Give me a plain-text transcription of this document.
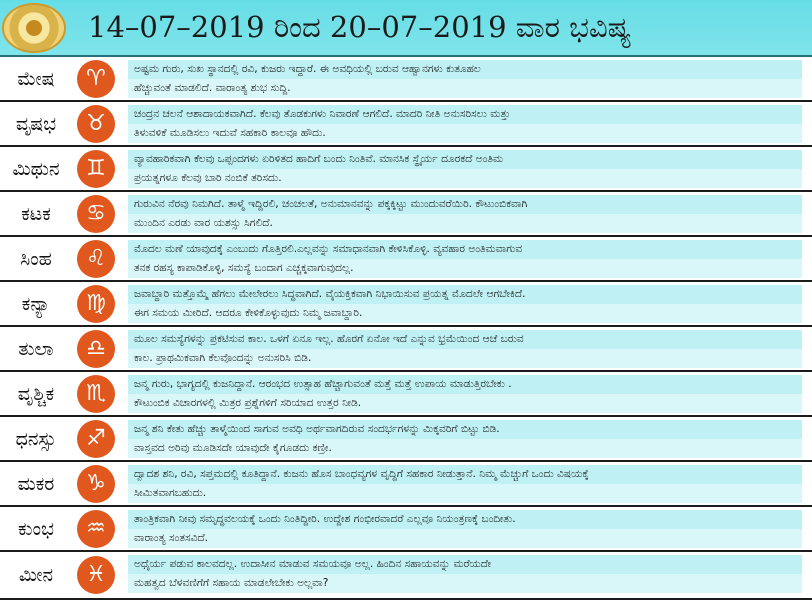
14–07–2019 ರಿಂದ 20–07–2019 ವಾರ ಭವಿಷ್ಯ
ಮೇಷ	♈	ಅಷ್ಟಮ ಗುರು, ಸುಖ ಸ್ಥಾನದಲ್ಲಿ ರವಿ, ಕುಜರು ಇದ್ದಾರೆ. ಈ ಅವಧಿಯಲ್ಲಿ ಬರುವ ಆಹ್ವಾನಗಳು ಕುತೂಹಲ
ಹೆಚ್ಚುವಂತೆ ಮಾಡಲಿದೆ. ವಾರಾಂತ್ಯ ಶುಭ ಸುದ್ದಿ.
ವೃಷಭ	♉	ಚಂದ್ರನ ಚಲನೆ ಆಶಾದಾಯಕವಾಗಿದೆ. ಕೆಲವು ತೊಡಕುಗಳು ನಿವಾರಣೆ ಆಗಲಿದೆ. ಮಾದರಿ ನೀತಿ ಅನುಸರಿಸಲು ಮತ್ತು
ತಿಳುವಳಿಕೆ ಮೂಡಿಸಲು ಇದುವೆ ಸಹಕಾರಿ ಕಾಲವೂ ಹೌದು.
ಮಿಥುನ	♊	ವ್ಯಾವಹಾರಿಕವಾಗಿ ಕೆಲವು ಒಪ್ಪಂದಗಳು ಏರಿಳಿತದ ಹಾದಿಗೆ ಬಂದು ನಿಂತಿವೆ. ಮಾನಸಿಕ ಸ್ಥೈರ್ಯ ದೂರಕದೆ ಅಂತಿಮ
ಪ್ರಯತ್ನಗಳೂ ಕೆಲವು ಬಾರಿ ನಂಬಿಕೆ ತರಿಸದು.
ಕಟಕ	♋	ಗುರುವಿನ ನೆರವು ನಿಮಗಿದೆ. ತಾಳ್ಮೆ ಇದ್ದಿರಲಿ, ಚಂಚಲತೆ, ಅನುಮಾನವನ್ನು ಪಕ್ಕಕ್ಕಿಟ್ಟು ಮುಂದುವರೆಯಿರಿ. ಕೌಟುಂಬಿಕವಾಗಿ
ಮುಂದಿನ ಎರಡು ವಾರ ಯಶಸ್ಸು ಸಿಗಲಿದೆ.
ಸಿಂಹ	♌	ಮೊದಲ ಮಣೆ ಯಾವುದಕ್ಕೆ ಎಂಬುದು ಗೊತ್ತಿರಲಿ.ಎಲ್ಲವನ್ನು ಸಮಾಧಾನವಾಗಿ ಕೇಳಿಸಿಕೊಳ್ಳಿ. ವ್ಯವಹಾರ ಅಂತಿಮವಾಗುವ
ತನಕ ರಹಸ್ಯ ಕಾಪಾಡಿಕೊಳ್ಳಿ, ಸಮಸ್ಯೆ ಬಂದಾಗ ಎಚ್ಚಕ್ಕವಾಗುವುದಲ್ಲ.
ಕನ್ಯಾ	♍	ಜವಾಬ್ದಾರಿ ಮತ್ತೊಮ್ಮೆ ಹೆಗಲು ಮೇಲೇರಲು ಸಿದ್ಧವಾಗಿದೆ. ವೈಯಕ್ತಿಕವಾಗಿ ನಿಭಾಯಿಸುವ ಪ್ರಯತ್ನ ಮೊದಲೇ ಆಗಬೇಕಿದೆ.
ಈಗ ಸಮಯ ಮೀರಿದೆ. ಆದರೂ ಕೇಳಿಕೊಳ್ಳುವುದು ನಿಮ್ಮ ಜವಾಬ್ದಾರಿ.
ತುಲಾ	♎	ಮೂಲ ಸಮಸ್ಯೆಗಳನ್ನು ಪ್ರಕಟಿಸುವ ಕಾಲ. ಒಳಗೆ ಏನೂ ಇಲ್ಲ. ಹೊರಗೆ ಏನೋ ಇದೆ ಎನ್ನುವ ಭ್ರಮೆಯಿಂದ ಆಚೆ ಬರುವ
ಕಾಲ. ಪ್ರಾಥಮಿಕವಾಗಿ ಕೆಲವೊಂದನ್ನು ಅನುಸರಿಸಿ ಬಿಡಿ.
ವೃಶ್ಚಿಕ	♏	ಜನ್ಮ ಗುರು, ಭಾಗ್ಯದಲ್ಲಿ ಕುಜನಿದ್ದಾನೆ. ಆರಂಭದ ಉತ್ಸಾಹ ಹೆಚ್ಚಾಗುವಂತೆ ಮತ್ತೆ ಮತ್ತೆ ಉಪಾಯ ಮಾಡುತ್ತಿರಬೇಕು .
ಕೌಟುಂಬಿಕ ವಿಚಾರಗಳಲ್ಲಿ ಮಿತ್ರರ ಪ್ರಶ್ನೆಗಳಿಗೆ ಸರಿಯಾದ ಉತ್ತರ ನೀಡಿ.
ಧನಸ್ಸು	♐	ಜನ್ಮ ಶನಿ ಕೇತು ಹೆಚ್ಚು ತಾಳ್ಮೆಯಿಂದ ಸಾಗುವ ಅವಧಿ ಅರ್ಥವಾಗದಿರುವ ಸಂದರ್ಭಗಳನ್ನು ಮಿಕ್ಕವರಿಗೆ ಬಿಟ್ಟು ಬಿಡಿ.
ವಾಸ್ತವದ ಅರಿವು ಮೂಡಿಸದೇ ಯಾವುದೇ ಕೈಗೂಡದು ಕಣ್ರೀ.
ಮಕರ	♑	ದ್ವಾದಶ ಶನಿ, ರವಿ, ಸಪ್ತಮದಲ್ಲಿ ಕೂತಿದ್ದಾನೆ. ಕುಜನು ಹೊಸ ಬಾಂಧವ್ಯಗಳ ವೃದ್ಧಿಗೆ ಸಹಕಾರ ನೀಡುತ್ತಾನೆ. ನಿಮ್ಮ ಮೆಚ್ಚುಗೆ ಒಂದು ವಿಷಯಕ್ಕೆ
ಸೀಮಿತವಾಗಬಹುದು.
ಕುಂಭ	♒	ತಾಂತ್ರಿಕವಾಗಿ ನೀವು ಸಮೃದ್ಧವಲಯಕ್ಕೆ ಒಂದು ನಿಂತಿದ್ದೀರಿ. ಉದ್ದೇಶ ಗಂಭೀರವಾದರೆ ಎಲ್ಲವೂ ನಿಯಂತ್ರಣಕ್ಕೆ ಬಂದೀತು.
ವಾರಾಂತ್ಯ ಸಂತಸವಿದೆ.
ಮೀನ	♓	ಅಧೈರ್ಯ ಪಡುವ ಕಾಲವದಲ್ಲ. ಉದಾಸೀನ ಮಾಡುವ ಸಮಯವೂ ಅಲ್ಲ. ಹಿಂದಿನ ಸಹಾಯವನ್ನು ಮರೆಯದೇ
ಮಹತ್ವದ ಬೆಳವಣಿಗೆಗೆ ಸಹಾಯ ಮಾಡಲೇಬೇಕು ಅಲ್ಲವಾ?
